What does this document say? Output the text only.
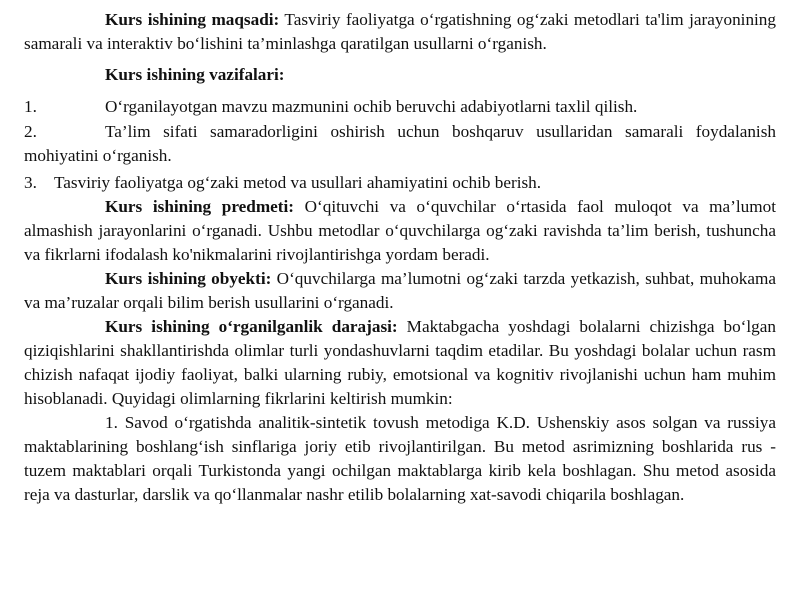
Kurs ishining maqsadi: Tasviriy faoliyatga o‘rgatishning og‘zaki metodlari ta'lim jarayonining samarali va interaktiv bo‘lishini ta’minlashga qaratilgan usullarni o‘rganish.

Kurs ishining vazifalari:

1.	O‘rganilayotgan mavzu mazmunini ochib beruvchi adabiyotlarni taxlil qilish.

2.	Ta’lim sifati samaradorligini oshirish uchun boshqaruv usullaridan samarali foydalanish mohiyatini o‘rganish.

3. Tasviriy faoliyatga og‘zaki metod va usullari ahamiyatini ochib berish.

Kurs ishining predmeti: O‘qituvchi va o‘quvchilar o‘rtasida faol muloqot va ma’lumot almashish jarayonlarini o‘rganadi. Ushbu metodlar o‘quvchilarga og‘zaki ravishda ta’lim berish, tushuncha va fikrlarni ifodalash ko'nikmalarini rivojlantirishga yordam beradi.

Kurs ishining obyekti: O‘quvchilarga ma’lumotni og‘zaki tarzda yetkazish, suhbat, muhokama va ma’ruzalar orqali bilim berish usullarini o‘rganadi.

Kurs ishining o‘rganilganlik darajasi: Maktabgacha yoshdagi bolalarni chizishga bo‘lgan qiziqishlarini shakllantirishda olimlar turli yondashuvlarni taqdim etadilar. Bu yoshdagi bolalar uchun rasm chizish nafaqat ijodiy faoliyat, balki ularning rubiy, emotsional va kognitiv rivojlanishi uchun ham muhim hisoblanadi. Quyidagi olimlarning fikrlarini keltirish mumkin:

1. Savod o‘rgatishda analitik-sintetik tovush metodiga K.D. Ushenskiy asos solgan va russiya maktablarining boshlang‘ish sinflariga joriy etib rivojlantirilgan. Bu metod asrimizning boshlarida rus -tuzem maktablari orqali Turkistonda yangi ochilgan maktablarga kirib kela boshlagan. Shu metod asosida reja va dasturlar, darslik va qo‘llanmalar nashr etilib bolalarning xat-savodi chiqarila boshlagan.
